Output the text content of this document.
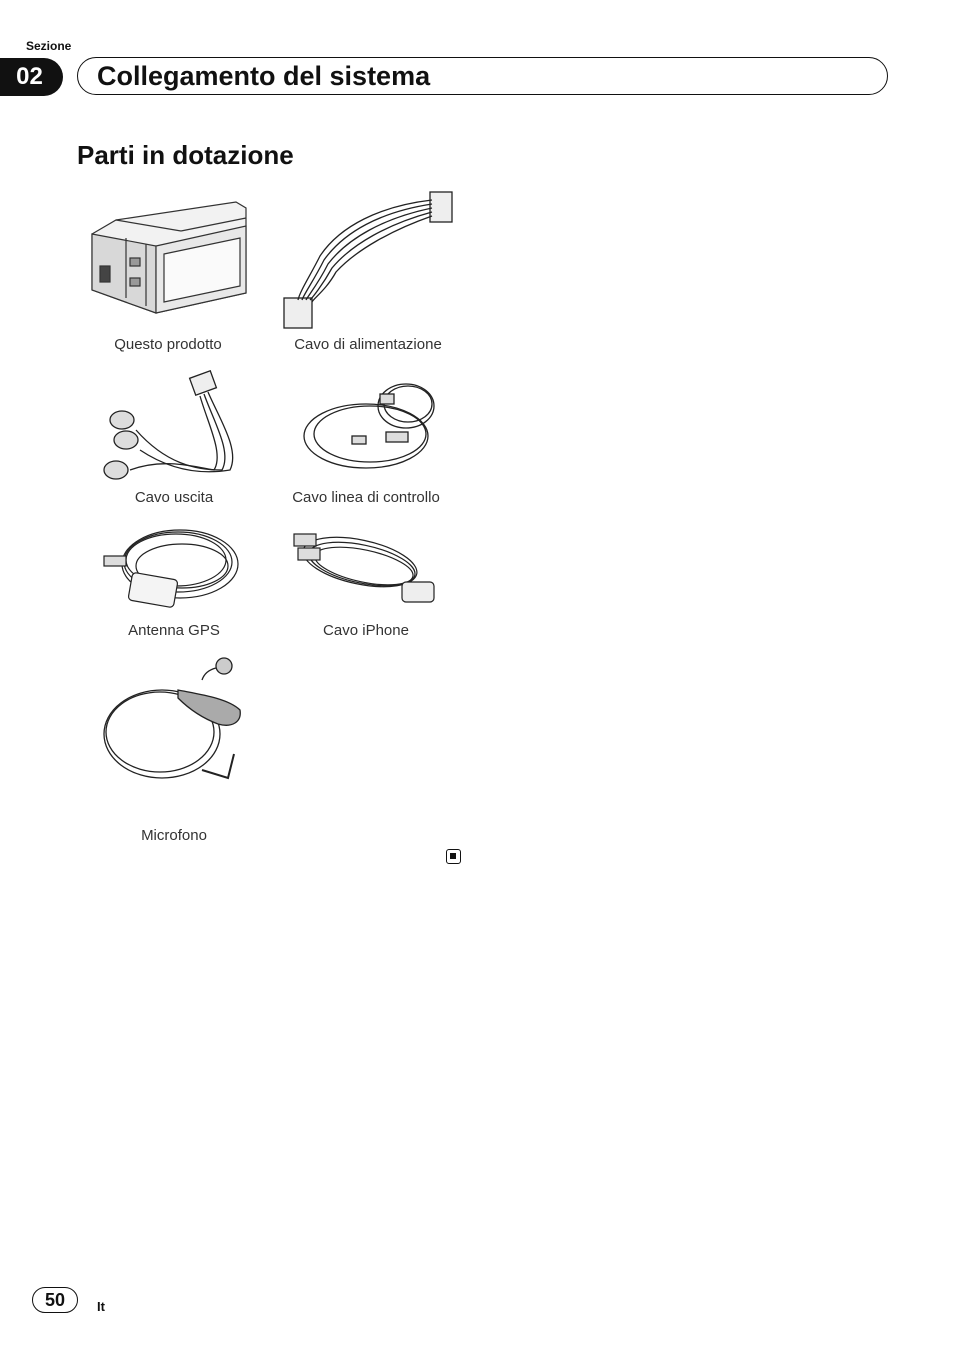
Sezione
02	Collegamento del sistema
Parti in dotazione
Questo prodotto	Cavo di alimentazione
Cavo uscita	Cavo linea di controllo
Antenna GPS	Cavo iPhone
Microfono
50	It
